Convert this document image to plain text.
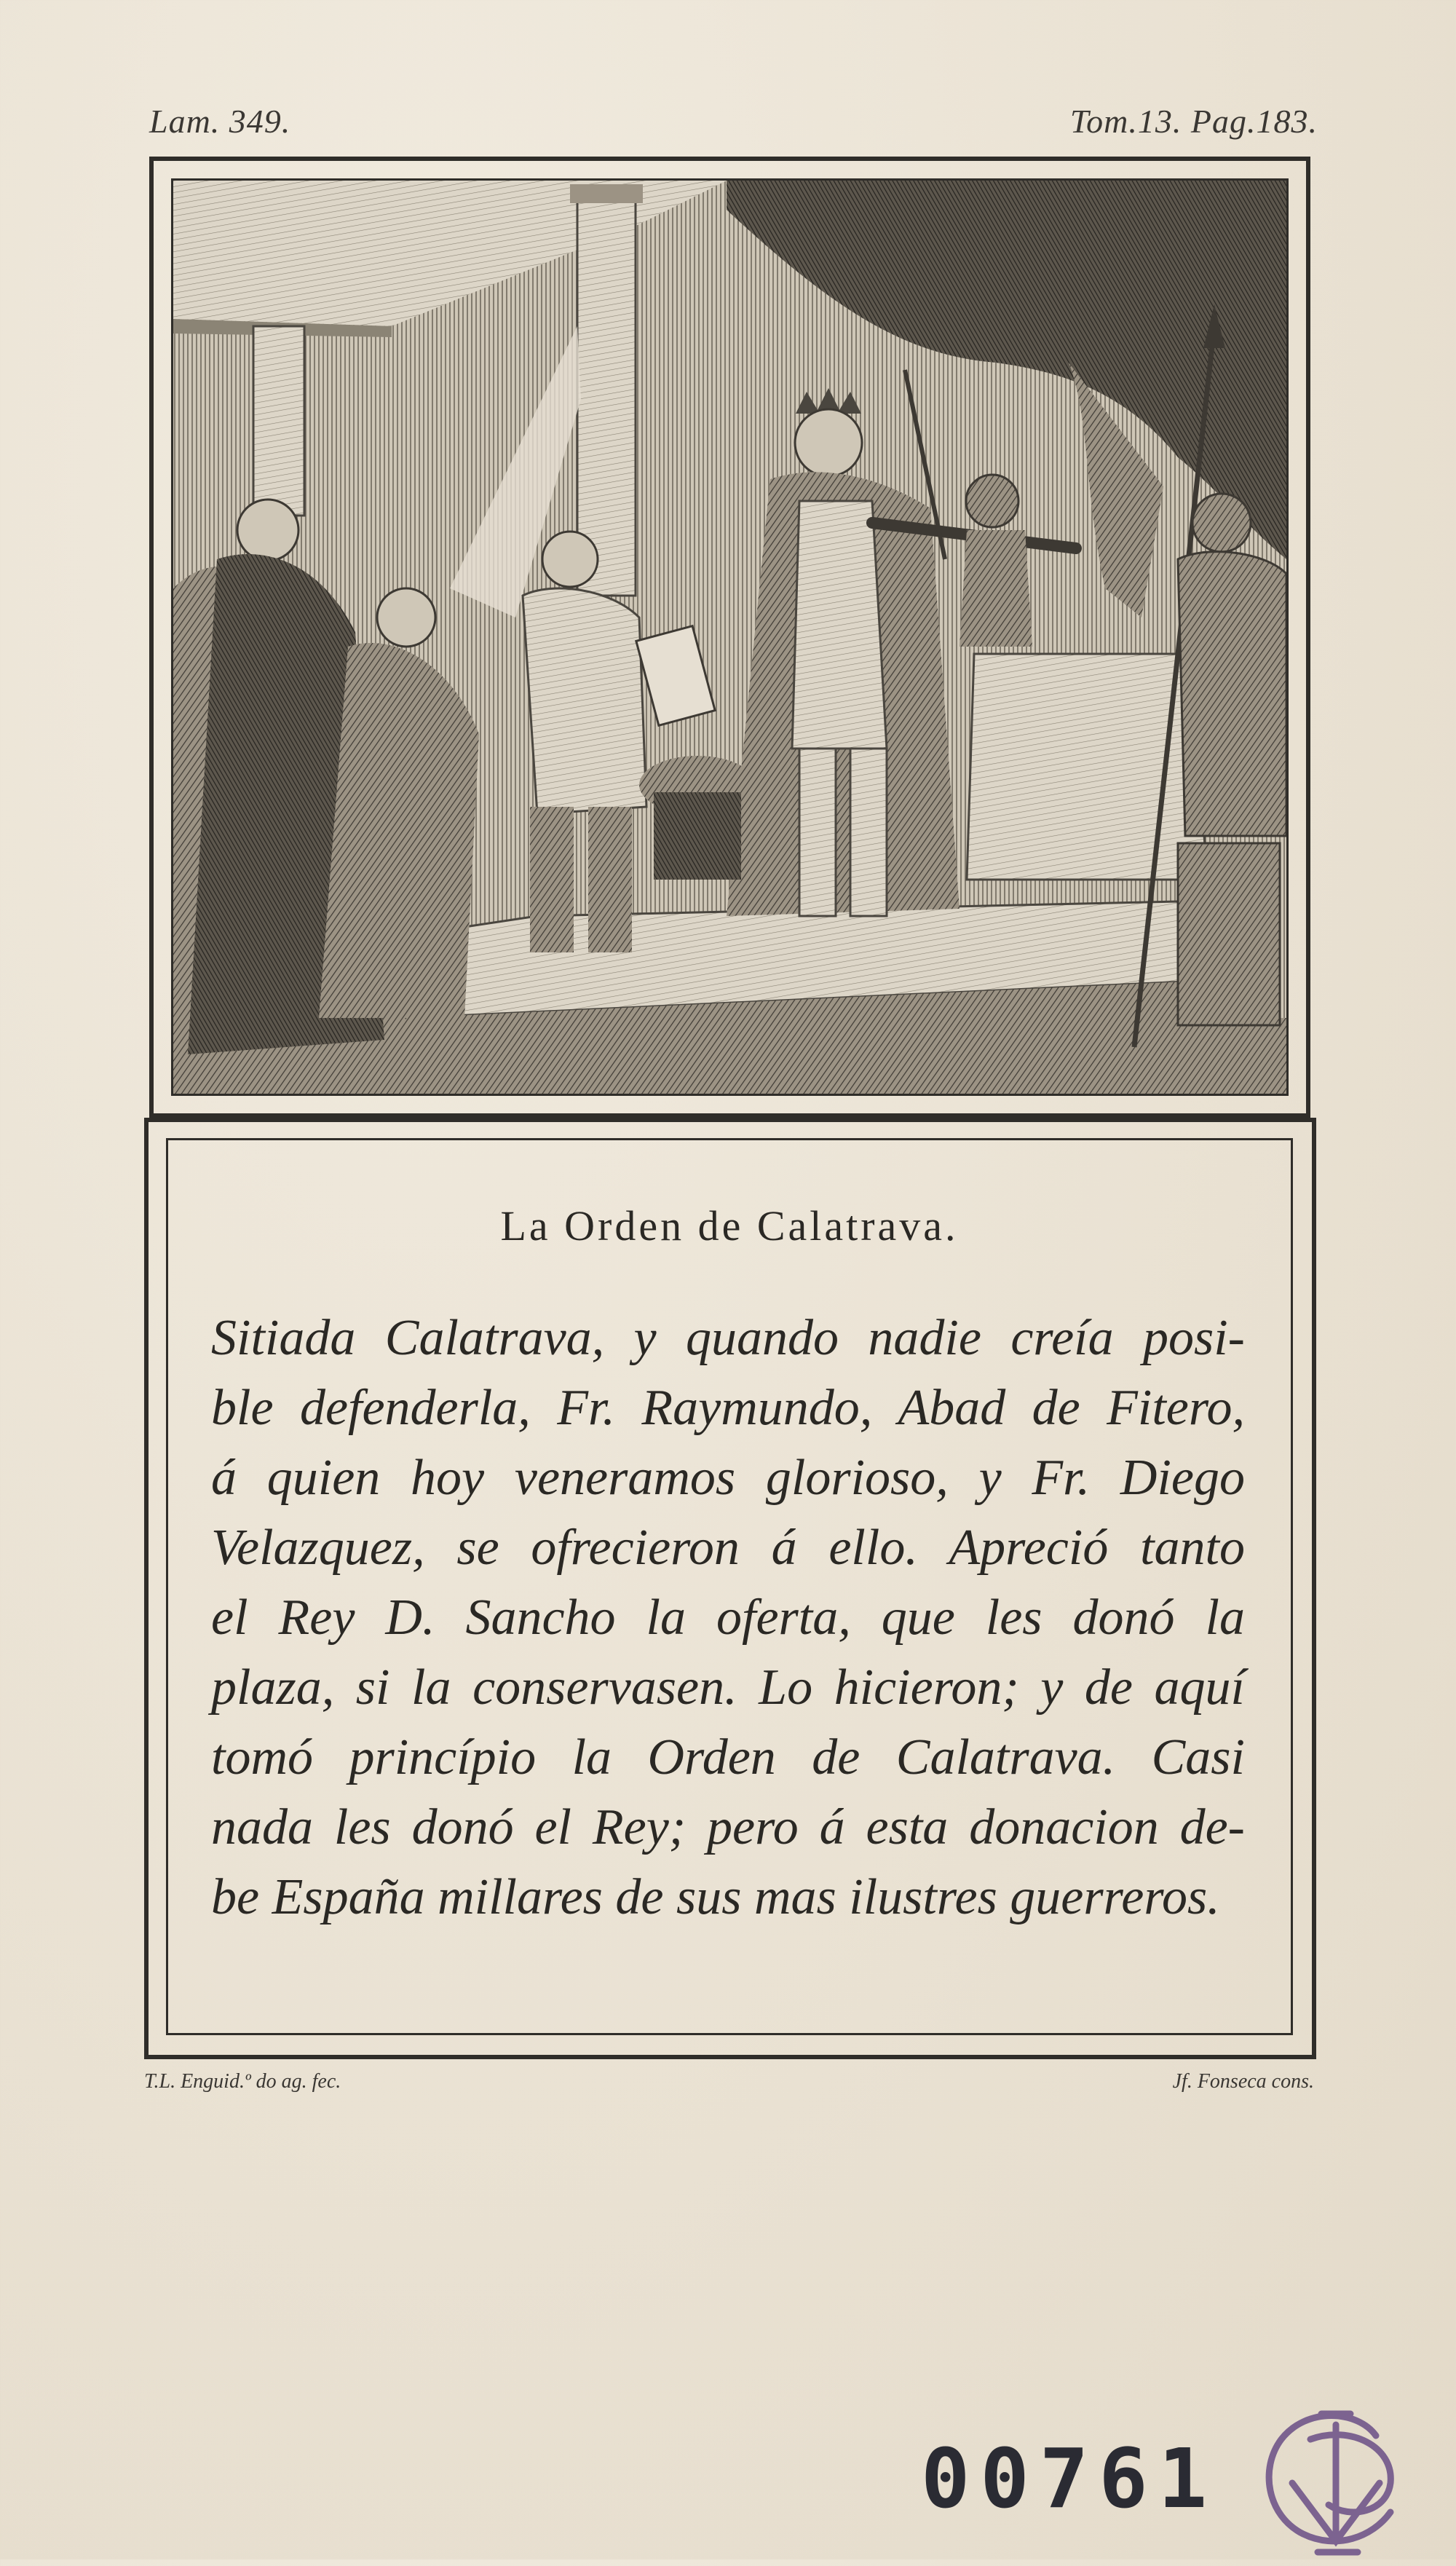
Lam. 349.	Tom.13. Pag.183.
La Orden de Calatrava.
Sitiada Calatrava, y quando nadie creía posi-
ble defenderla, Fr. Raymundo, Abad de Fitero,
á quien hoy veneramos glorioso, y Fr. Diego
Velazquez, se ofrecieron á ello. Apreció tanto
el Rey D. Sancho la oferta, que les donó la
plaza, si la conservasen. Lo hicieron; y de aquí
tomó princípio la Orden de Calatrava. Casi
nada les donó el Rey; pero á esta donacion de-
be España millares de sus mas ilustres guerreros.
T.L. Enguid.º do ag. fec.	Jf. Fonseca cons.
00761
